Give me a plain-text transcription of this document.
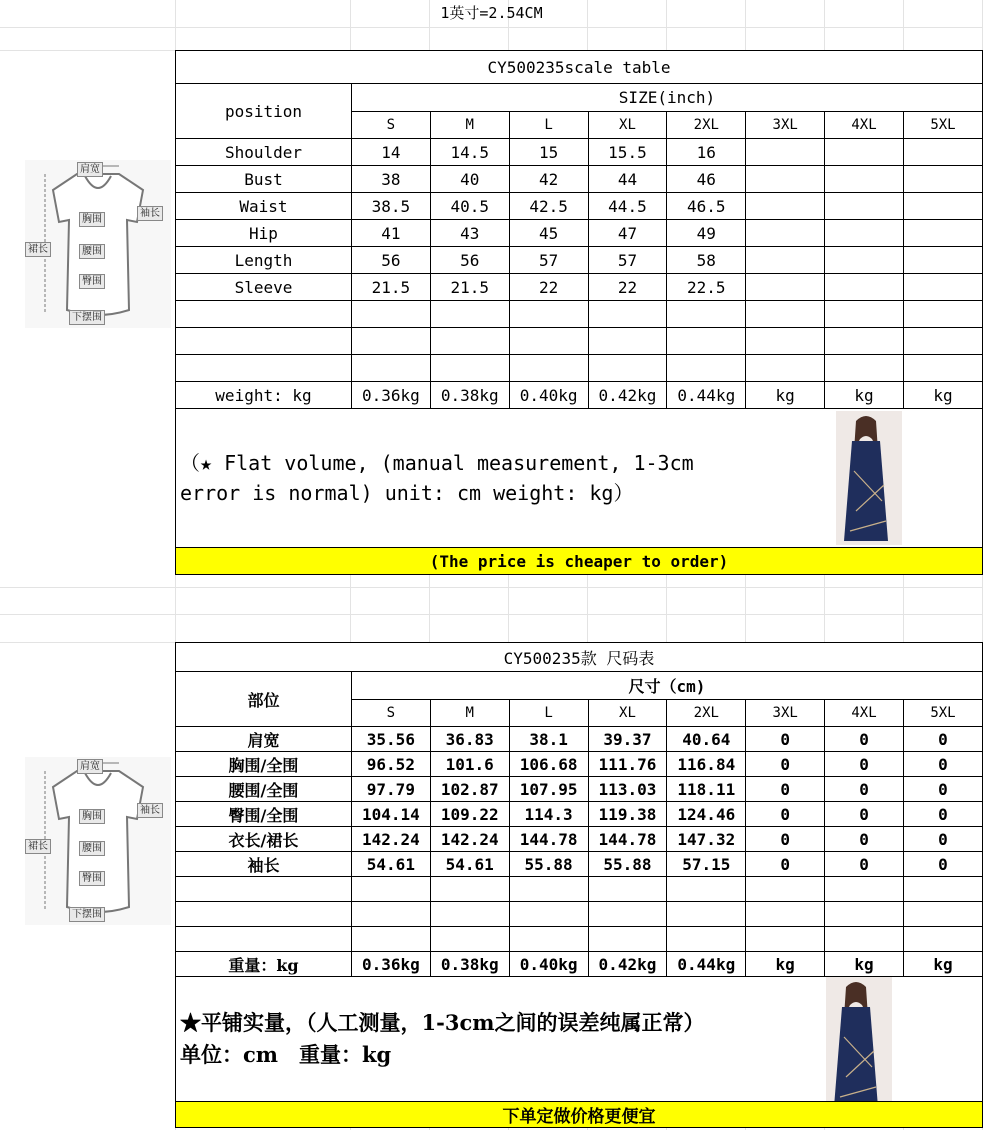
1英寸=2.54CM
肩宽
胸围
腰围
臀围
袖长
裙长
下摆围
CY500235scale table								
position	SIZE(inch)							
	S	M	L	XL	2XL	3XL	4XL	5XL
Shoulder	14	14.5	15	15.5	16			
Bust	38	40	42	44	46			
Waist	38.5	40.5	42.5	44.5	46.5			
Hip	41	43	45	47	49			
Length	56	56	57	57	58			
Sleeve	21.5	21.5	22	22	22.5			

weight: kg	0.36kg	0.38kg	0.40kg	0.42kg	0.44kg	kg	kg	kg

（★ Flat volume, (manual measurement, 1-3cm error is normal) unit: cm weight: kg）								

(The price is cheaper to order)								
肩宽
胸围
腰围
臀围
袖长
裙长
下摆围
CY500235款 尺码表								
部位	尺寸（cm)							
	S	M	L	XL	2XL	3XL	4XL	5XL
肩宽	35.56	36.83	38.1	39.37	40.64	0	0	0
胸围/全围	96.52	101.6	106.68	111.76	116.84	0	0	0
腰围/全围	97.79	102.87	107.95	113.03	118.11	0	0	0
臀围/全围	104.14	109.22	114.3	119.38	124.46	0	0	0
衣长/裙长	142.24	142.24	144.78	144.78	147.32	0	0	0
袖长	54.61	54.61	55.88	55.88	57.15	0	0	0

重量：kg	0.36kg	0.38kg	0.40kg	0.42kg	0.44kg	kg	kg	kg

★平铺实量，（人工测量，1-3cm之间的误差纯属正常）
单位：cm　重量：kg								

下单定做价格更便宜								
